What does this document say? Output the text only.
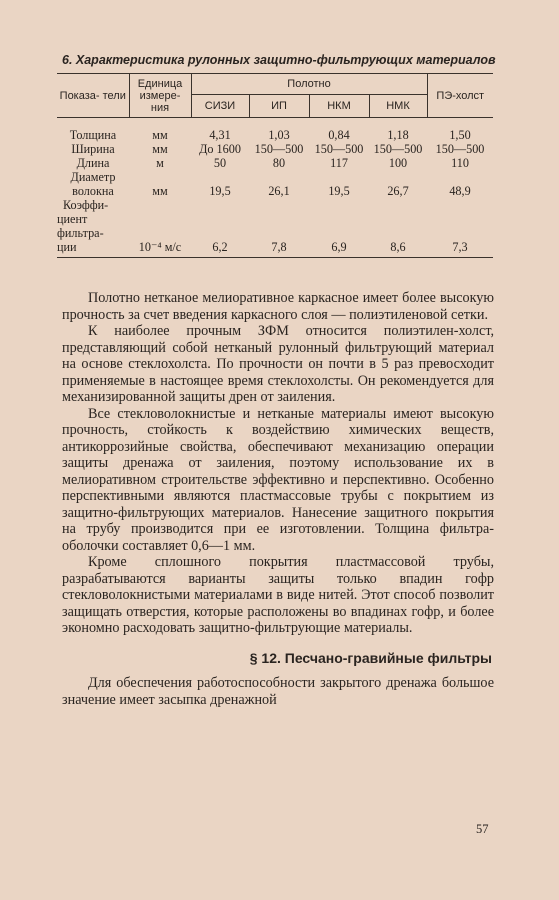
6. Характеристика рулонных защитно-фильтрующих материалов
Показа- тели	Единица измере- ния	Полотно				ПЭ-холст
		СИЗИ	ИП	НКМ	НМК	

Толщина	мм	4,31	1,03	0,84	1,18	1,50
Ширина	мм	До 1600	150—500	150—500	150—500	150—500
Длина	м	50	80	117	100	110

Диаметр
волокна	мм	19,5	26,1	19,5	26,7	48,9

Коэффи-
циент
фильтра-
ции	10⁻⁴ м/с	6,2	7,8	6,9	8,6	7,3

Полотно нетканое мелиоративное каркасное имеет более высокую прочность за счет введения каркасного слоя — полиэтиленовой сетки.

К наиболее прочным ЗФМ относится полиэтилен-холст, представляющий собой нетканый рулонный фильтрующий материал на основе стеклохолста. По прочности он почти в 5 раз превосходит применяемые в настоящее время стеклохолсты. Он рекомендуется для механизированной защиты дрен от заиления.

Все стекловолокнистые и нетканые материалы имеют высокую прочность, стойкость к воздействию химических веществ, антикоррозийные свойства, обеспечивают механизацию операции защиты дренажа от заиления, поэтому использование их в мелиоративном строительстве эффективно и перспективно. Особенно перспективными являются пластмассовые трубы с покрытием из защитно-фильтрующих материалов. Нанесение защитного покрытия на трубу производится при ее изготовлении. Толщина фильтра-оболочки составляет 0,6—1 мм.

Кроме сплошного покрытия пластмассовой трубы, разрабатываются варианты защиты только впадин гофр стекловолокнистыми материалами в виде нитей. Этот способ позволит защищать отверстия, которые расположены во впадинах гофр, и более экономно расходовать защитно-фильтрующие материалы.

§ 12. Песчано-гравийные фильтры

Для обеспечения работоспособности закрытого дренажа большое значение имеет засыпка дренажной

57
